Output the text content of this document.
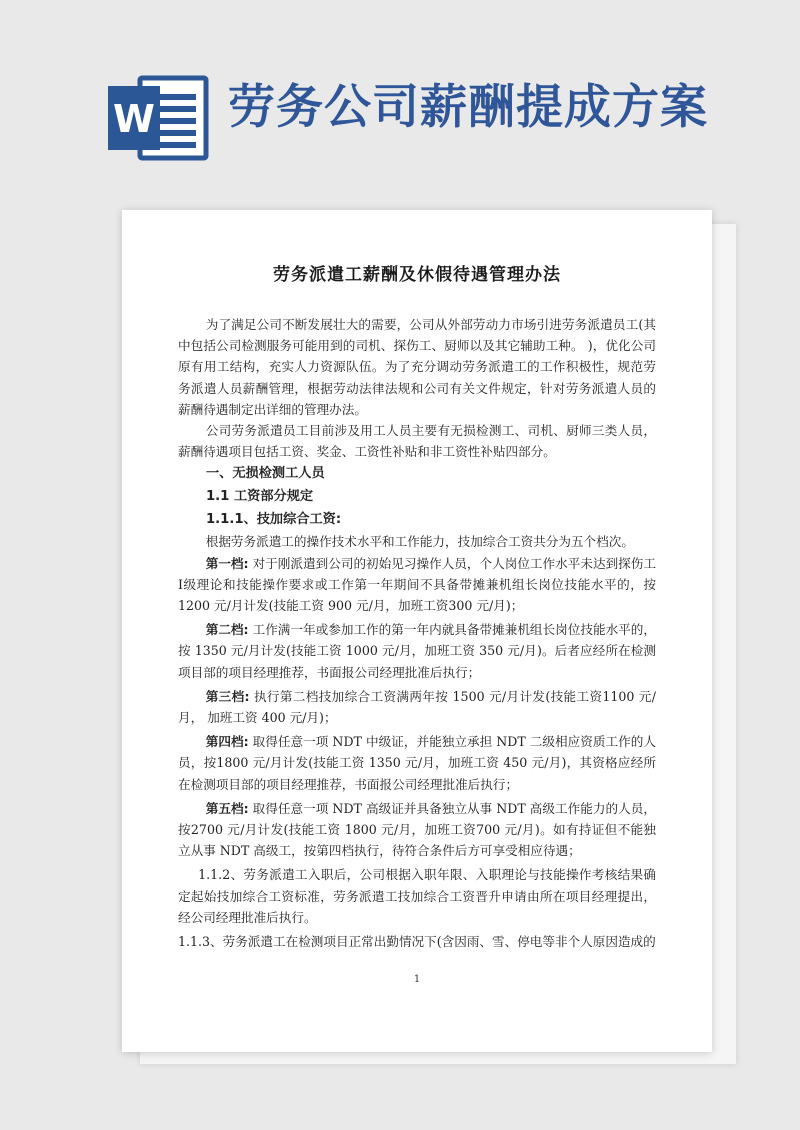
W 劳务公司薪酬提成方案
劳务派遣工薪酬及休假待遇管理办法

为了满足公司不断发展壮大的需要，公司从外部劳动力市场引进劳务派遣员工(其中包括公司检测服务可能用到的司机、探伤工、厨师以及其它辅助工种。 )，优化公司原有用工结构，充实人力资源队伍。为了充分调动劳务派遣工的工作积极性，规范劳务派遣人员薪酬管理，根据劳动法律法规和公司有关文件规定，针对劳务派遣人员的薪酬待遇制定出详细的管理办法。

公司劳务派遣员工目前涉及用工人员主要有无损检测工、司机、厨师三类人员，薪酬待遇项目包括工资、奖金、工资性补贴和非工资性补贴四部分。

一、无损检测工人员

1.1 工资部分规定

1.1.1、技加综合工资:

根据劳务派遣工的操作技术水平和工作能力，技加综合工资共分为五个档次。

第一档: 对于刚派遣到公司的初始见习操作人员，个人岗位工作水平未达到探伤工Ⅰ级理论和技能操作要求或工作第一年期间不具备带摊兼机组长岗位技能水平的，按 1200 元/月计发(技能工资 900 元/月，加班工资300 元/月)；

第二档: 工作满一年或参加工作的第一年内就具备带摊兼机组长岗位技能水平的，按 1350 元/月计发(技能工资 1000 元/月，加班工资 350 元/月)。后者应经所在检测项目部的项目经理推荐，书面报公司经理批准后执行；

第三档: 执行第二档技加综合工资满两年按 1500 元/月计发(技能工资1100 元/月， 加班工资 400 元/月)；

第四档: 取得任意一项 NDT 中级证，并能独立承担 NDT 二级相应资质工作的人员，按1800 元/月计发(技能工资 1350 元/月，加班工资 450 元/月)，其资格应经所在检测项目部的项目经理推荐，书面报公司经理批准后执行；

第五档: 取得任意一项 NDT 高级证并具备独立从事 NDT 高级工作能力的人员，按2700 元/月计发(技能工资 1800 元/月，加班工资700 元/月)。如有持证但不能独立从事 NDT 高级工，按第四档执行，待符合条件后方可享受相应待遇；

1.1.2、劳务派遣工入职后，公司根据入职年限、入职理论与技能操作考核结果确定起始技加综合工资标准，劳务派遣工技加综合工资晋升申请由所在项目经理提出，经公司经理批准后执行。

1.1.3、劳务派遣工在检测项目正常出勤情况下(含因雨、雪、停电等非个人原因造成的

1
